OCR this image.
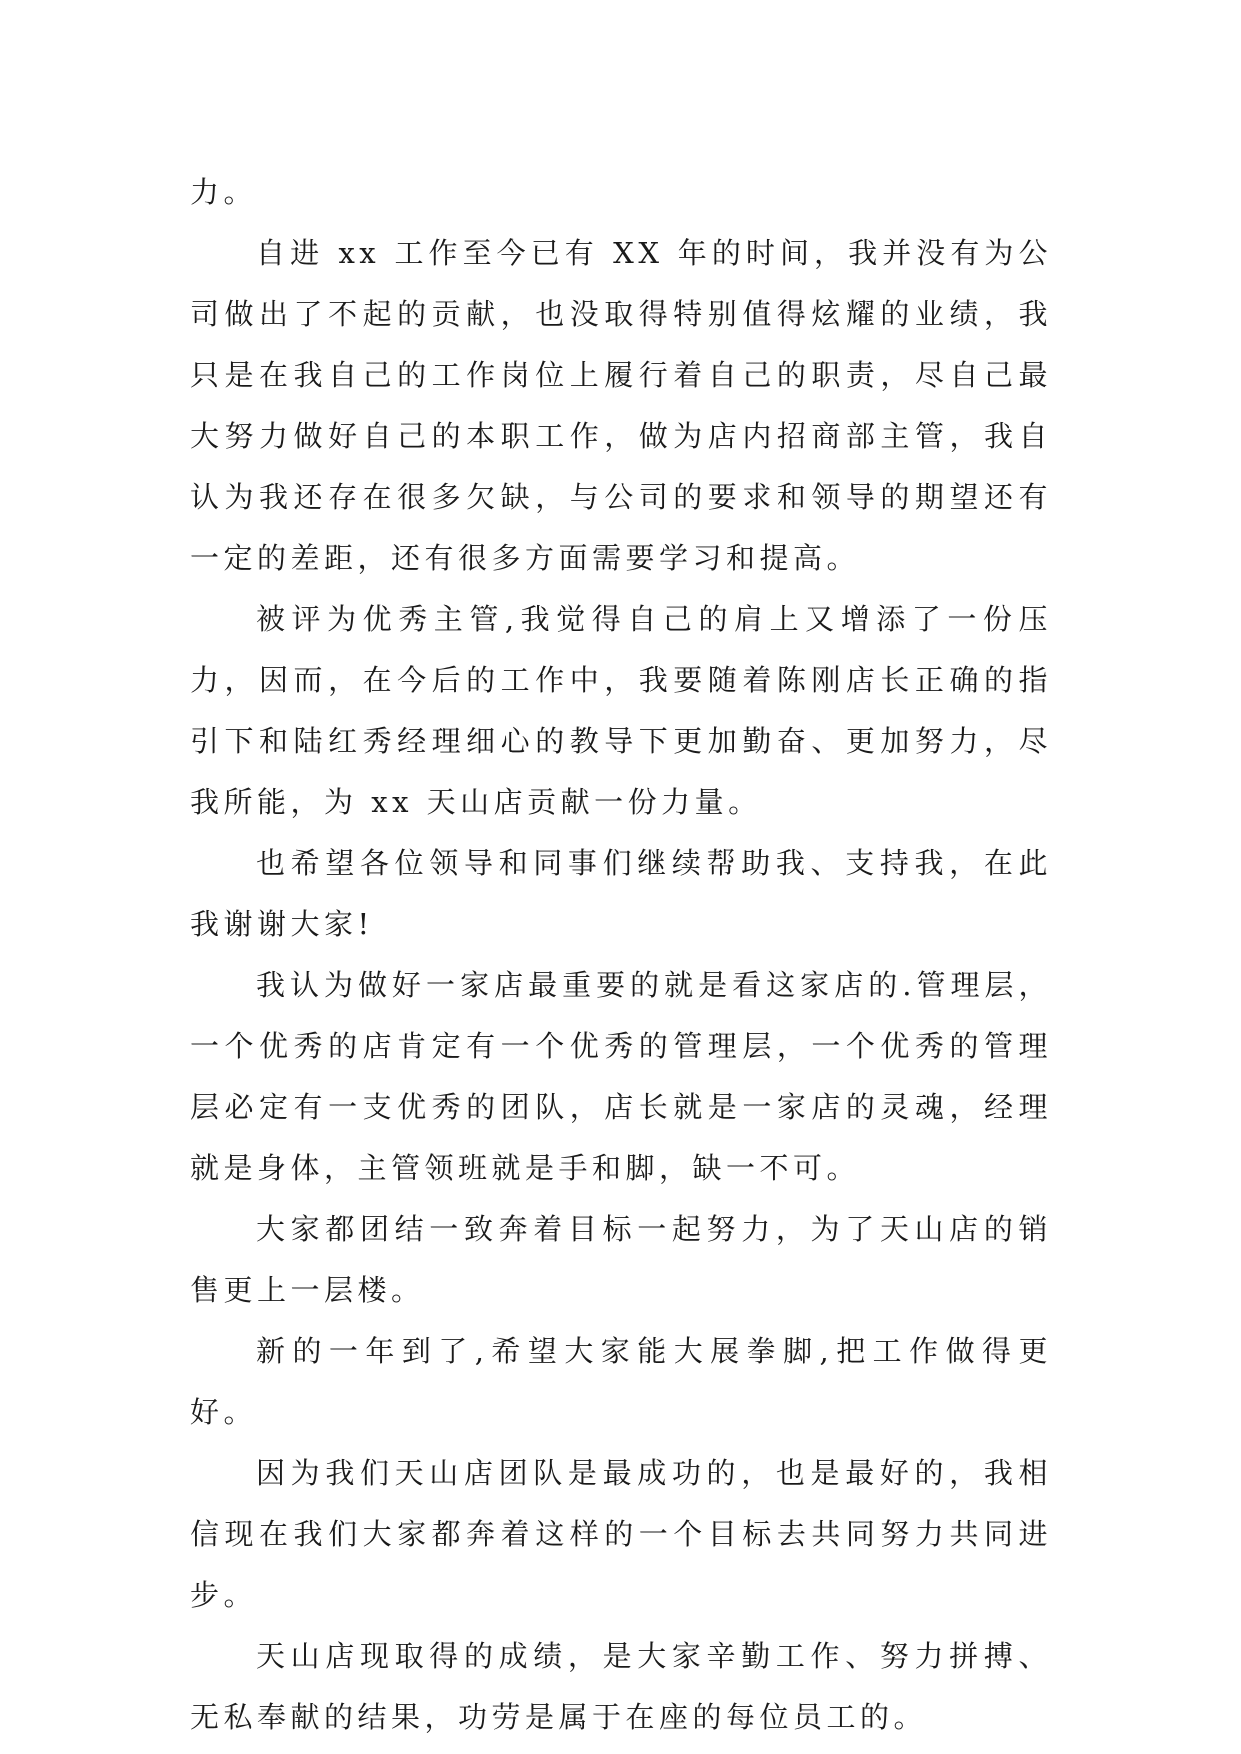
力。

自进 xx 工作至今已有 XX 年的时间，我并没有为公司做出了不起的贡献，也没取得特别值得炫耀的业绩，我只是在我自己的工作岗位上履行着自己的职责，尽自己最大努力做好自己的本职工作，做为店内招商部主管，我自认为我还存在很多欠缺，与公司的要求和领导的期望还有一定的差距，还有很多方面需要学习和提高。

被评为优秀主管,我觉得自己的肩上又增添了一份压力，因而，在今后的工作中，我要随着陈刚店长正确的指引下和陆红秀经理细心的教导下更加勤奋、更加努力，尽我所能，为 xx 天山店贡献一份力量。

也希望各位领导和同事们继续帮助我、支持我，在此我谢谢大家!

我认为做好一家店最重要的就是看这家店的.管理层，一个优秀的店肯定有一个优秀的管理层，一个优秀的管理层必定有一支优秀的团队，店长就是一家店的灵魂，经理就是身体，主管领班就是手和脚，缺一不可。

大家都团结一致奔着目标一起努力，为了天山店的销售更上一层楼。

新的一年到了,希望大家能大展拳脚,把工作做得更好。

因为我们天山店团队是最成功的，也是最好的，我相信现在我们大家都奔着这样的一个目标去共同努力共同进步。

天山店现取得的成绩，是大家辛勤工作、努力拼搏、无私奉献的结果，功劳是属于在座的每位员工的。
